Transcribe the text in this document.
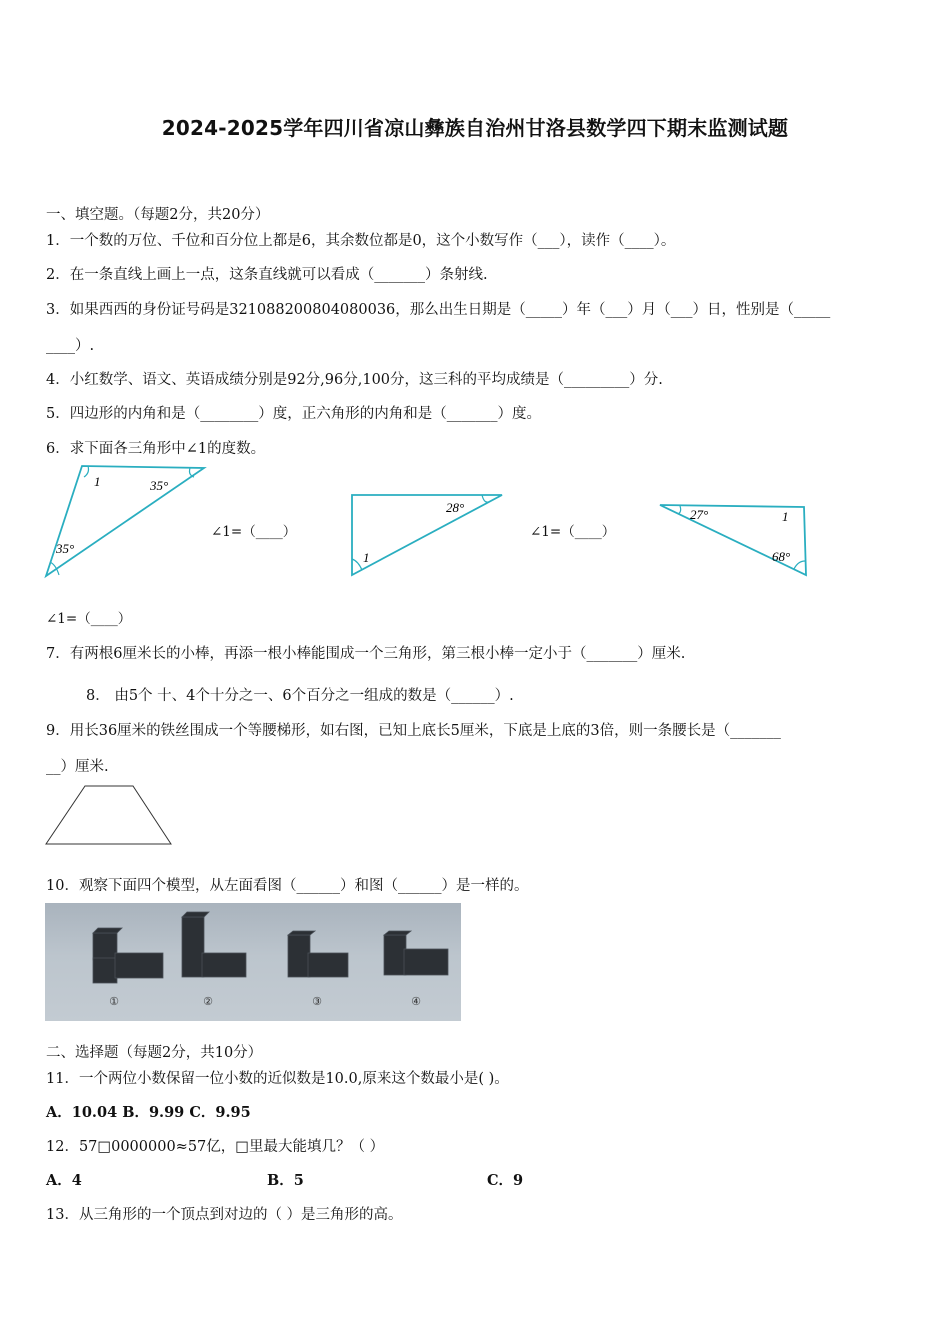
2024-2025学年四川省凉山彝族自治州甘洛县数学四下期末监测试题
一、填空题。（每题2分，共20分）
1．一个数的万位、千位和百分位上都是6，其余数位都是0，这个小数写作（___），读作（____）。
2．在一条直线上画上一点，这条直线就可以看成（_______）条射线.
3．如果西西的身份证号码是321088200804080036，那么出生日期是（_____）年（___）月（___）日，性别是（_____
____）.
4．小红数学、语文、英语成绩分别是92分,96分,100分，这三科的平均成绩是（_________）分.
5．四边形的内角和是（________）度，正六角形的内角和是（_______）度。
6．求下面各三角形中∠1的度数。
1	35°
35°
∠1=（____）
28°
1
∠1=（____）
27°	1
68°
∠1=（____）
7．有两根6厘米长的小棒，再添一根小棒能围成一个三角形，第三根小棒一定小于（_______）厘米.
8． 由5个 十、4个十分之一、6个百分之一组成的数是（______）.
9．用长36厘米的铁丝围成一个等腰梯形，如右图，已知上底长5厘米，下底是上底的3倍，则一条腰长是（_______
__）厘米.
10．观察下面四个模型，从左面看图（______）和图（______）是一样的。
①	②	③	④
二、选择题（每题2分，共10分）
11．一个两位小数保留一位小数的近似数是10.0,原来这个数最小是( )。
A．10.04 B．9.99 C．9.95
12．57□0000000≈57亿，□里最大能填几？（ ）
A．4	B．5	C．9
13．从三角形的一个顶点到对边的（ ）是三角形的高。
